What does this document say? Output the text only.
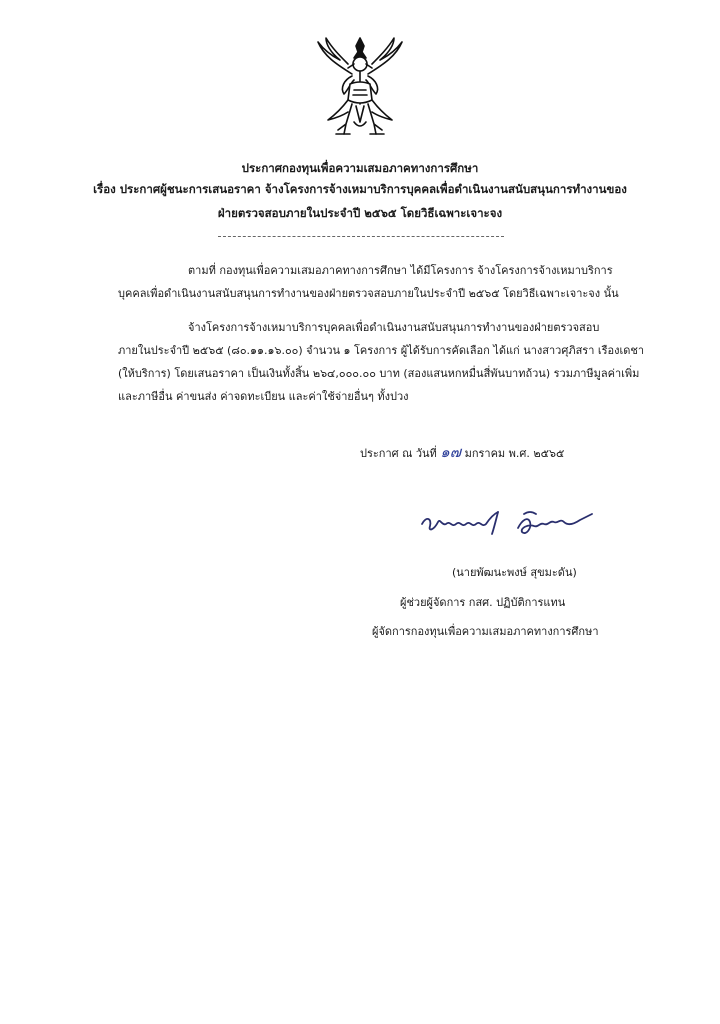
ประกาศกองทุนเพื่อความเสมอภาคทางการศึกษา
เรื่อง ประกาศผู้ชนะการเสนอราคา จ้างโครงการจ้างเหมาบริการบุคคลเพื่อดำเนินงานสนับสนุนการทำงานของ
ฝ่ายตรวจสอบภายในประจำปี ๒๕๖๕ โดยวิธีเฉพาะเจาะจง
ตามที่ กองทุนเพื่อความเสมอภาคทางการศึกษา ได้มีโครงการ จ้างโครงการจ้างเหมาบริการ
บุคคลเพื่อดำเนินงานสนับสนุนการทำงานของฝ่ายตรวจสอบภายในประจำปี ๒๕๖๕ โดยวิธีเฉพาะเจาะจง นั้น
จ้างโครงการจ้างเหมาบริการบุคคลเพื่อดำเนินงานสนับสนุนการทำงานของฝ่ายตรวจสอบ
ภายในประจำปี ๒๕๖๕ (๘๐.๑๑.๑๖.๐๐) จำนวน ๑ โครงการ ผู้ได้รับการคัดเลือก ได้แก่ นางสาวศุภิสรา เรืองเดชา
(ให้บริการ) โดยเสนอราคา เป็นเงินทั้งสิ้น ๒๖๔,๐๐๐.๐๐ บาท (สองแสนหกหมื่นสี่พันบาทถ้วน) รวมภาษีมูลค่าเพิ่ม
และภาษีอื่น ค่าขนส่ง ค่าจดทะเบียน และค่าใช้จ่ายอื่นๆ ทั้งปวง
ประกาศ ณ วันที่ ๑๗ มกราคม พ.ศ. ๒๕๖๕
(นายพัฒนะพงษ์ สุขมะดัน)
ผู้ช่วยผู้จัดการ กสศ. ปฏิบัติการแทน
ผู้จัดการกองทุนเพื่อความเสมอภาคทางการศึกษา
